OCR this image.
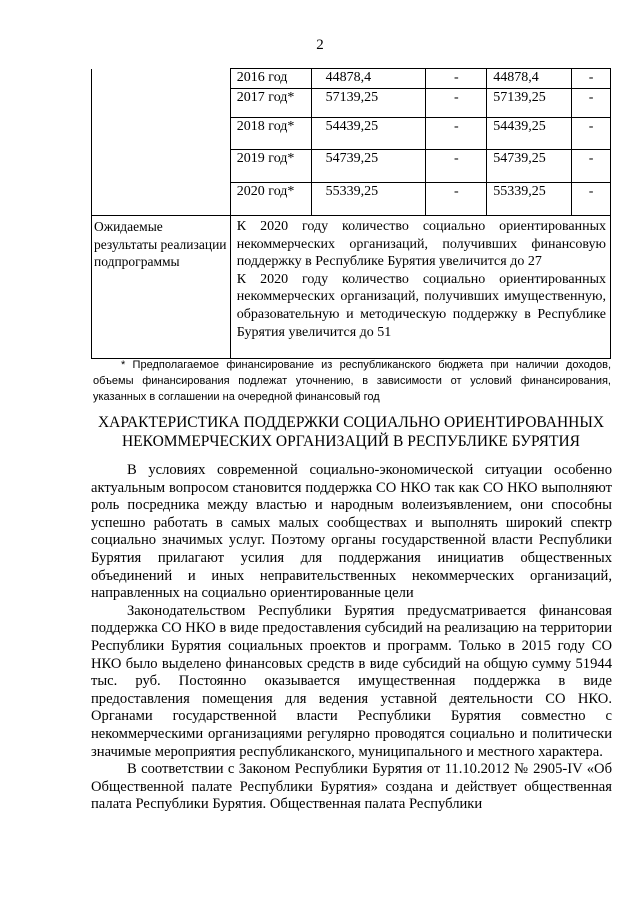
2
	2016 год	44878,4	-	44878,4	-
	2017 год*	57139,25	-	57139,25	-
	2018 год*	54439,25	-	54439,25	-
	2019 год*	54739,25	-	54739,25	-
	2020 год*	55339,25	-	55339,25	-
Ожидаемые результаты реализации подпрограммы	К 2020 году количество социально ориентированных некоммерческих организаций, получивших финансовую поддержку в Республике Бурятия увеличится до 27

К 2020 году количество социально ориентированных некоммерческих организаций, получивших имущественную, образовательную и методическую поддержку в Республике Бурятия увеличится до 51				

* Предполагаемое финансирование из республиканского бюджета при наличии доходов, объемы финансирования подлежат уточнению, в зависимости от условий финансирования, указанных в соглашении на очередной финансовый год

ХАРАКТЕРИСТИКА ПОДДЕРЖКИ СОЦИАЛЬНО ОРИЕНТИРОВАННЫХ
НЕКОММЕРЧЕСКИХ ОРГАНИЗАЦИЙ В РЕСПУБЛИКЕ БУРЯТИЯ

В условиях современной социально-экономической ситуации особенно актуальным вопросом становится поддержка СО НКО так как СО НКО выполняют роль посредника между властью и народным волеизъявлением, они способны успешно работать в самых малых сообществах и выполнять широкий спектр социально значимых услуг. Поэтому органы государственной власти Республики Бурятия прилагают усилия для поддержания инициатив общественных объединений и иных неправительственных некоммерческих организаций, направленных на социально ориентированные цели

Законодательством Республики Бурятия предусматривается финансовая поддержка СО НКО в виде предоставления субсидий на реализацию на территории Республики Бурятия социальных проектов и программ. Только в 2015 году СО НКО было выделено финансовых средств в виде субсидий на общую сумму 51944 тыс. руб. Постоянно оказывается имущественная поддержка в виде предоставления помещения для ведения уставной деятельности СО НКО. Органами государственной власти Республики Бурятия совместно с некоммерческими организациями регулярно проводятся социально и политически значимые мероприятия республиканского, муниципального и местного характера.

В соответствии с Законом Республики Бурятия от 11.10.2012 № 2905-IV «Об Общественной палате Республики Бурятия» создана и действует общественная палата Республики Бурятия. Общественная палата Республики
